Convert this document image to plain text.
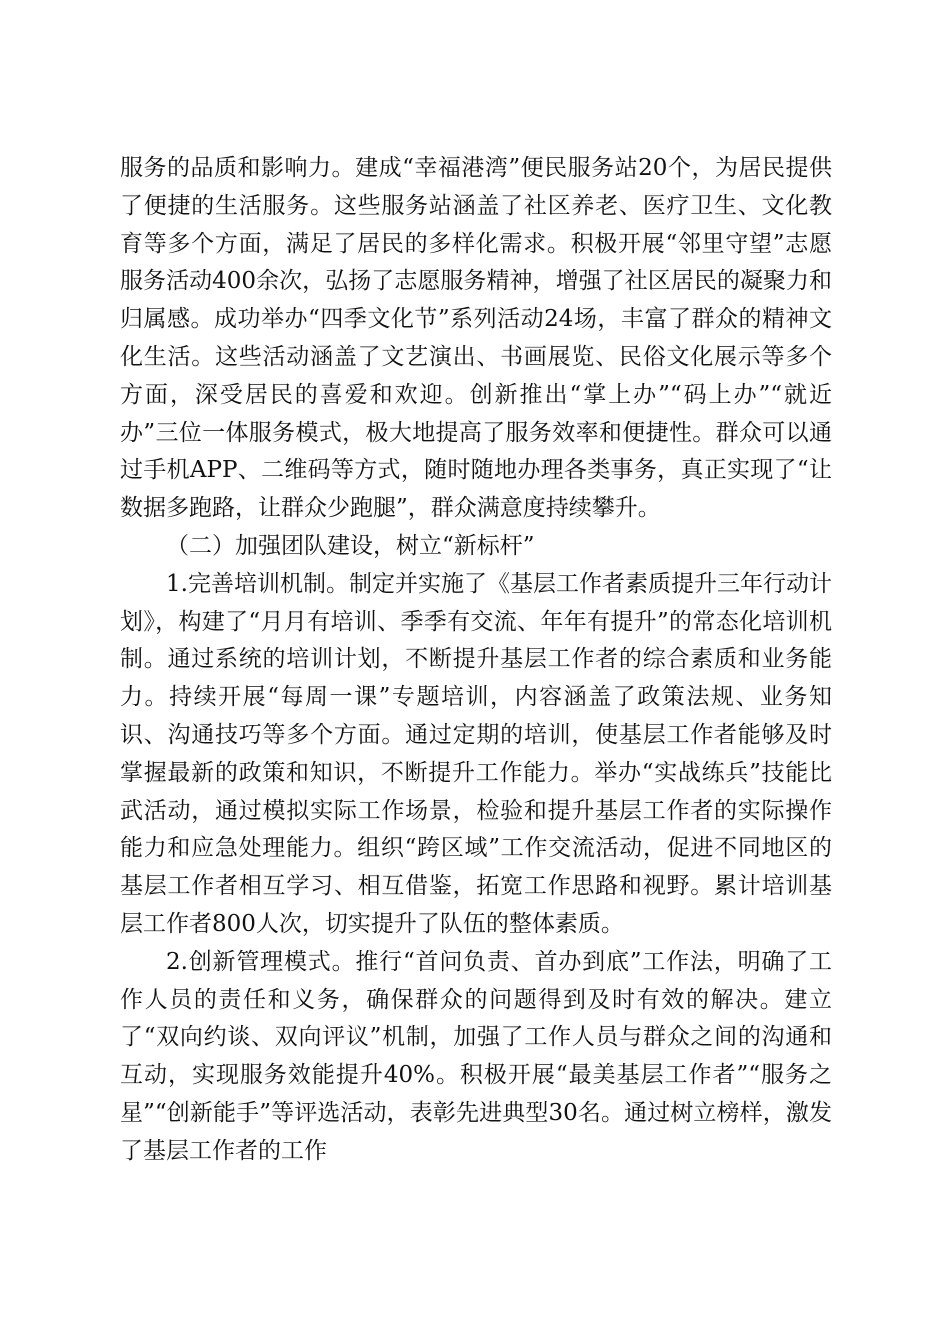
服务的品质和影响力。建成“幸福港湾”便民服务站20个，为居民提供了便捷的生活服务。这些服务站涵盖了社区养老、医疗卫生、文化教育等多个方面，满足了居民的多样化需求。积极开展“邻里守望”志愿服务活动400余次，弘扬了志愿服务精神，增强了社区居民的凝聚力和归属感。成功举办“四季文化节”系列活动24场，丰富了群众的精神文化生活。这些活动涵盖了文艺演出、书画展览、民俗文化展示等多个方面，深受居民的喜爱和欢迎。创新推出“掌上办”“码上办”“就近办”三位一体服务模式，极大地提高了服务效率和便捷性。群众可以通过手机APP、二维码等方式，随时随地办理各类事务，真正实现了“让数据多跑路，让群众少跑腿”，群众满意度持续攀升。

（二）加强团队建设，树立“新标杆”

1.完善培训机制。制定并实施了《基层工作者素质提升三年行动计划》，构建了“月月有培训、季季有交流、年年有提升”的常态化培训机制。通过系统的培训计划，不断提升基层工作者的综合素质和业务能力。持续开展“每周一课”专题培训，内容涵盖了政策法规、业务知识、沟通技巧等多个方面。通过定期的培训，使基层工作者能够及时掌握最新的政策和知识，不断提升工作能力。举办“实战练兵”技能比武活动，通过模拟实际工作场景，检验和提升基层工作者的实际操作能力和应急处理能力。组织“跨区域”工作交流活动，促进不同地区的基层工作者相互学习、相互借鉴，拓宽工作思路和视野。累计培训基层工作者800人次，切实提升了队伍的整体素质。

2.创新管理模式。推行“首问负责、首办到底”工作法，明确了工作人员的责任和义务，确保群众的问题得到及时有效的解决。建立了“双向约谈、双向评议”机制，加强了工作人员与群众之间的沟通和互动，实现服务效能提升40%。积极开展“最美基层工作者”“服务之星”“创新能手”等评选活动，表彰先进典型30名。通过树立榜样，激发了基层工作者的工作
